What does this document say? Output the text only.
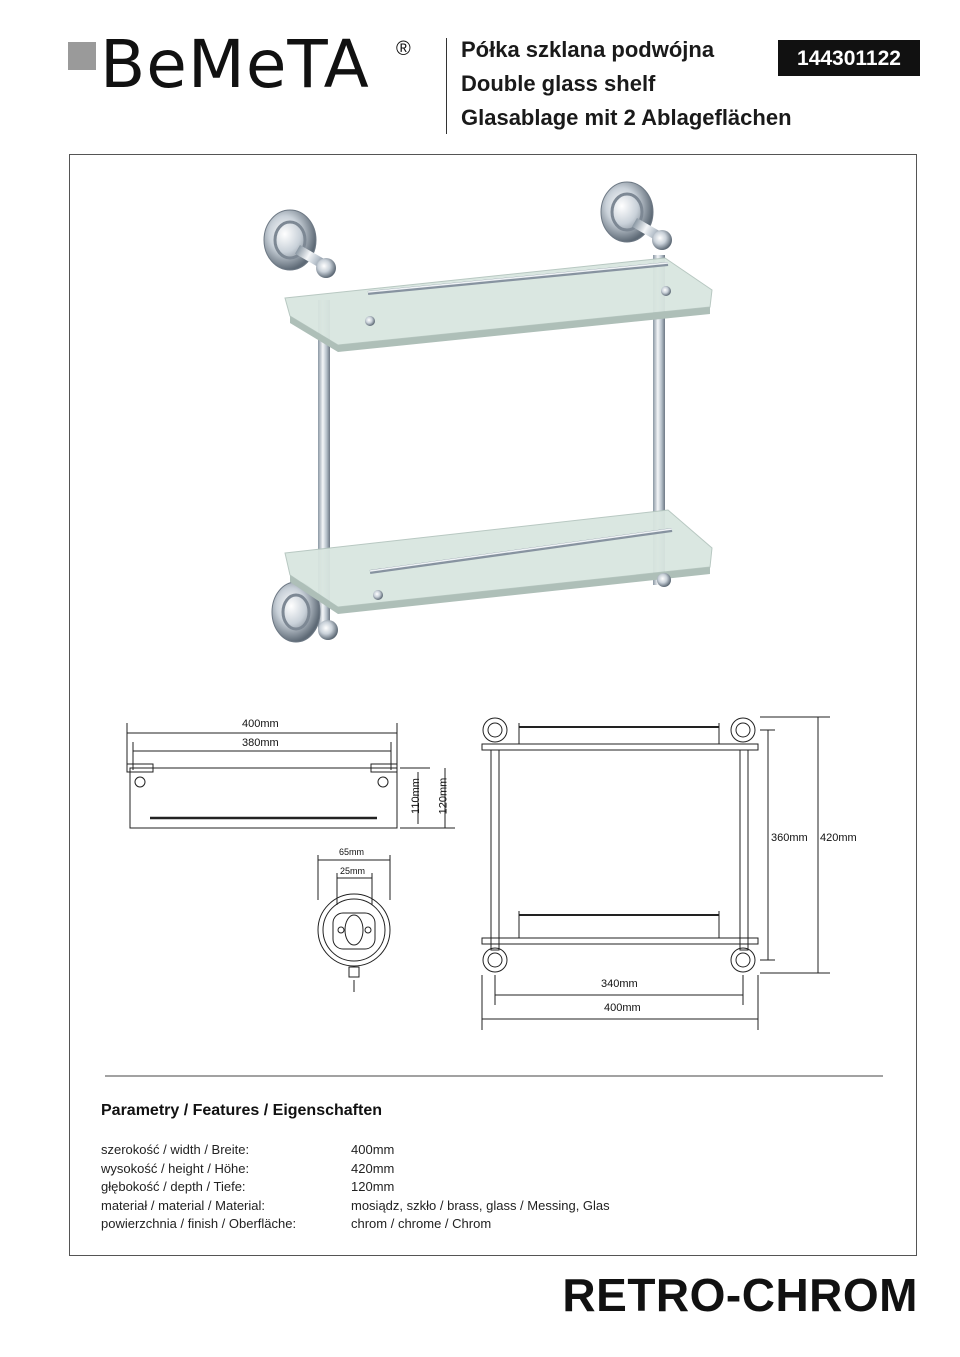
BeMeTA ® Półka szklana podwójna
Double glass shelf
Glasablage mit 2 Ablageflächen
144301122
400mm
380mm
110mm 120mm
65mm
25mm
360mm 420mm
340mm
400mm
Parametry / Features / Eigenschaften
szerokość / width / Breite:	400mm
wysokość / height / Höhe:	420mm
głębokość / depth / Tiefe:	120mm
materiał / material / Material:	mosiądz, szkło / brass, glass / Messing, Glas
powierzchnia / finish / Oberfläche:	chrom / chrome / Chrom
RETRO-CHROM
